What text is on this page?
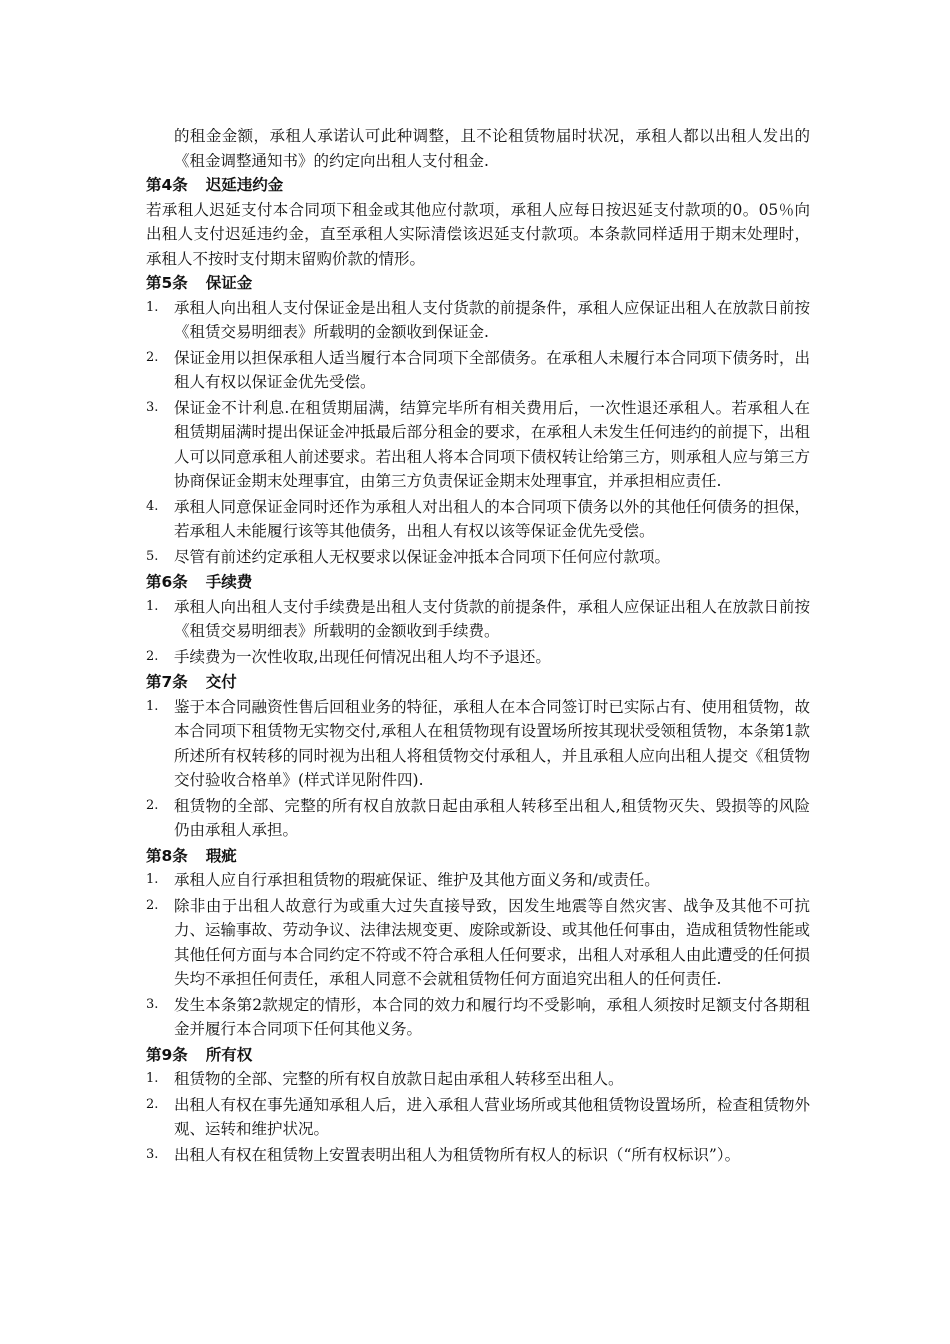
的租金金额，承租人承诺认可此种调整，且不论租赁物届时状况，承租人都以出租人发出的《租金调整通知书》的约定向出租人支付租金.

第4条 迟延违约金

若承租人迟延支付本合同项下租金或其他应付款项，承租人应每日按迟延支付款项的0。05％向出租人支付迟延违约金，直至承租人实际清偿该迟延支付款项。本条款同样适用于期末处理时，承租人不按时支付期末留购价款的情形。

第5条 保证金
1.	承租人向出租人支付保证金是出租人支付货款的前提条件，承租人应保证出租人在放款日前按《租赁交易明细表》所载明的金额收到保证金.
2.	保证金用以担保承租人适当履行本合同项下全部债务。在承租人未履行本合同项下债务时，出租人有权以保证金优先受偿。
3.	保证金不计利息.在租赁期届满，结算完毕所有相关费用后，一次性退还承租人。若承租人在租赁期届满时提出保证金冲抵最后部分租金的要求，在承租人未发生任何违约的前提下，出租人可以同意承租人前述要求。若出租人将本合同项下债权转让给第三方，则承租人应与第三方协商保证金期末处理事宜，由第三方负责保证金期末处理事宜，并承担相应责任.
4.	承租人同意保证金同时还作为承租人对出租人的本合同项下债务以外的其他任何债务的担保，若承租人未能履行该等其他债务，出租人有权以该等保证金优先受偿。
5.	尽管有前述约定承租人无权要求以保证金冲抵本合同项下任何应付款项。
第6条 手续费
1.	承租人向出租人支付手续费是出租人支付货款的前提条件，承租人应保证出租人在放款日前按《租赁交易明细表》所载明的金额收到手续费。
2.	手续费为一次性收取,出现任何情况出租人均不予退还。
第7条 交付
1.	鉴于本合同融资性售后回租业务的特征，承租人在本合同签订时已实际占有、使用租赁物，故本合同项下租赁物无实物交付,承租人在租赁物现有设置场所按其现状受领租赁物，本条第1款所述所有权转移的同时视为出租人将租赁物交付承租人，并且承租人应向出租人提交《租赁物交付验收合格单》(样式详见附件四).
2.	租赁物的全部、完整的所有权自放款日起由承租人转移至出租人,租赁物灭失、毁损等的风险仍由承租人承担。
第8条 瑕疵
1.	承租人应自行承担租赁物的瑕疵保证、维护及其他方面义务和/或责任。
2.	除非由于出租人故意行为或重大过失直接导致，因发生地震等自然灾害、战争及其他不可抗力、运输事故、劳动争议、法律法规变更、废除或新设、或其他任何事由，造成租赁物性能或其他任何方面与本合同约定不符或不符合承租人任何要求，出租人对承租人由此遭受的任何损失均不承担任何责任，承租人同意不会就租赁物任何方面追究出租人的任何责任.
3.	发生本条第2款规定的情形，本合同的效力和履行均不受影响，承租人须按时足额支付各期租金并履行本合同项下任何其他义务。
第9条 所有权
1.	租赁物的全部、完整的所有权自放款日起由承租人转移至出租人。
2.	出租人有权在事先通知承租人后，进入承租人营业场所或其他租赁物设置场所，检查租赁物外观、运转和维护状况。
3.	出租人有权在租赁物上安置表明出租人为租赁物所有权人的标识（“所有权标识”）。
